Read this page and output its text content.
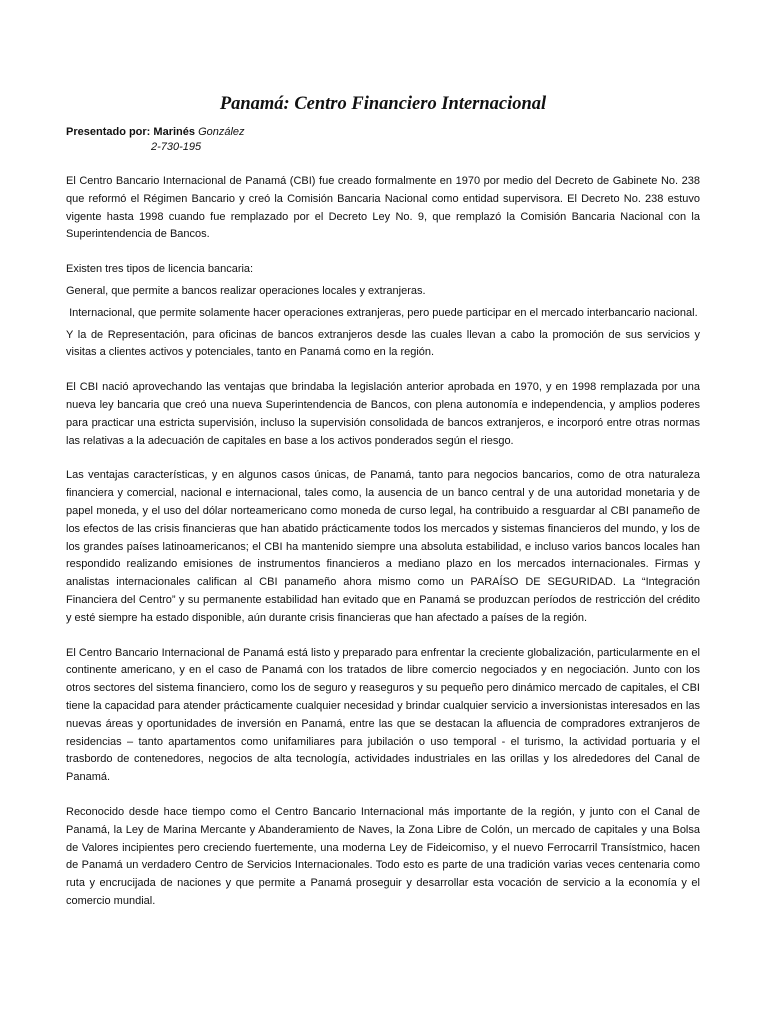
Panamá: Centro Financiero Internacional
Presentado por: Marinés González
2-730-195

El Centro Bancario Internacional de Panamá (CBI) fue creado formalmente en 1970 por medio del Decreto de Gabinete No. 238 que reformó el Régimen Bancario y creó la Comisión Bancaria Nacional como entidad supervisora. El Decreto No. 238 estuvo vigente hasta 1998 cuando fue remplazado por el Decreto Ley No. 9, que remplazó la Comisión Bancaria Nacional con la Superintendencia de Bancos.

Existen tres tipos de licencia bancaria:

General, que permite a bancos realizar operaciones locales y extranjeras.

Internacional, que permite solamente hacer operaciones extranjeras, pero puede participar en el mercado interbancario nacional.

Y la de Representación, para oficinas de bancos extranjeros desde las cuales llevan a cabo la promoción de sus servicios y visitas a clientes activos y potenciales, tanto en Panamá como en la región.

El CBI nació aprovechando las ventajas que brindaba la legislación anterior aprobada en 1970, y en 1998 remplazada por una nueva ley bancaria que creó una nueva Superintendencia de Bancos, con plena autonomía e independencia, y amplios poderes para practicar una estricta supervisión, incluso la supervisión consolidada de bancos extranjeros, e incorporó entre otras normas las relativas a la adecuación de capitales en base a los activos ponderados según el riesgo.

Las ventajas características, y en algunos casos únicas, de Panamá, tanto para negocios bancarios, como de otra naturaleza financiera y comercial, nacional e internacional, tales como, la ausencia de un banco central y de una autoridad monetaria y de papel moneda, y el uso del dólar norteamericano como moneda de curso legal, ha contribuido a resguardar al CBI panameño de los efectos de las crisis financieras que han abatido prácticamente todos los mercados y sistemas financieros del mundo, y los de los grandes países latinoamericanos; el CBI ha mantenido siempre una absoluta estabilidad, e incluso varios bancos locales han respondido realizando emisiones de instrumentos financieros a mediano plazo en los mercados internacionales. Firmas y analistas internacionales califican al CBI panameño ahora mismo como un PARAÍSO DE SEGURIDAD. La “Integración Financiera del Centro” y su permanente estabilidad han evitado que en Panamá se produzcan períodos de restricción del crédito y esté siempre ha estado disponible, aún durante crisis financieras que han afectado a países de la región.

El Centro Bancario Internacional de Panamá está listo y preparado para enfrentar la creciente globalización, particularmente en el continente americano, y en el caso de Panamá con los tratados de libre comercio negociados y en negociación. Junto con los otros sectores del sistema financiero, como los de seguro y reaseguros y su pequeño pero dinámico mercado de capitales, el CBI tiene la capacidad para atender prácticamente cualquier necesidad y brindar cualquier servicio a inversionistas interesados en las nuevas áreas y oportunidades de inversión en Panamá, entre las que se destacan la afluencia de compradores extranjeros de residencias – tanto apartamentos como unifamiliares para jubilación o uso temporal - el turismo, la actividad portuaria y el trasbordo de contenedores, negocios de alta tecnología, actividades industriales en las orillas y los alrededores del Canal de Panamá.

Reconocido desde hace tiempo como el Centro Bancario Internacional más importante de la región, y junto con el Canal de Panamá, la Ley de Marina Mercante y Abanderamiento de Naves, la Zona Libre de Colón, un mercado de capitales y una Bolsa de Valores incipientes pero creciendo fuertemente, una moderna Ley de Fideicomiso, y el nuevo Ferrocarril Transístmico, hacen de Panamá un verdadero Centro de Servicios Internacionales. Todo esto es parte de una tradición varias veces centenaria como ruta y encrucijada de naciones y que permite a Panamá proseguir y desarrollar esta vocación de servicio a la economía y el comercio mundial.
